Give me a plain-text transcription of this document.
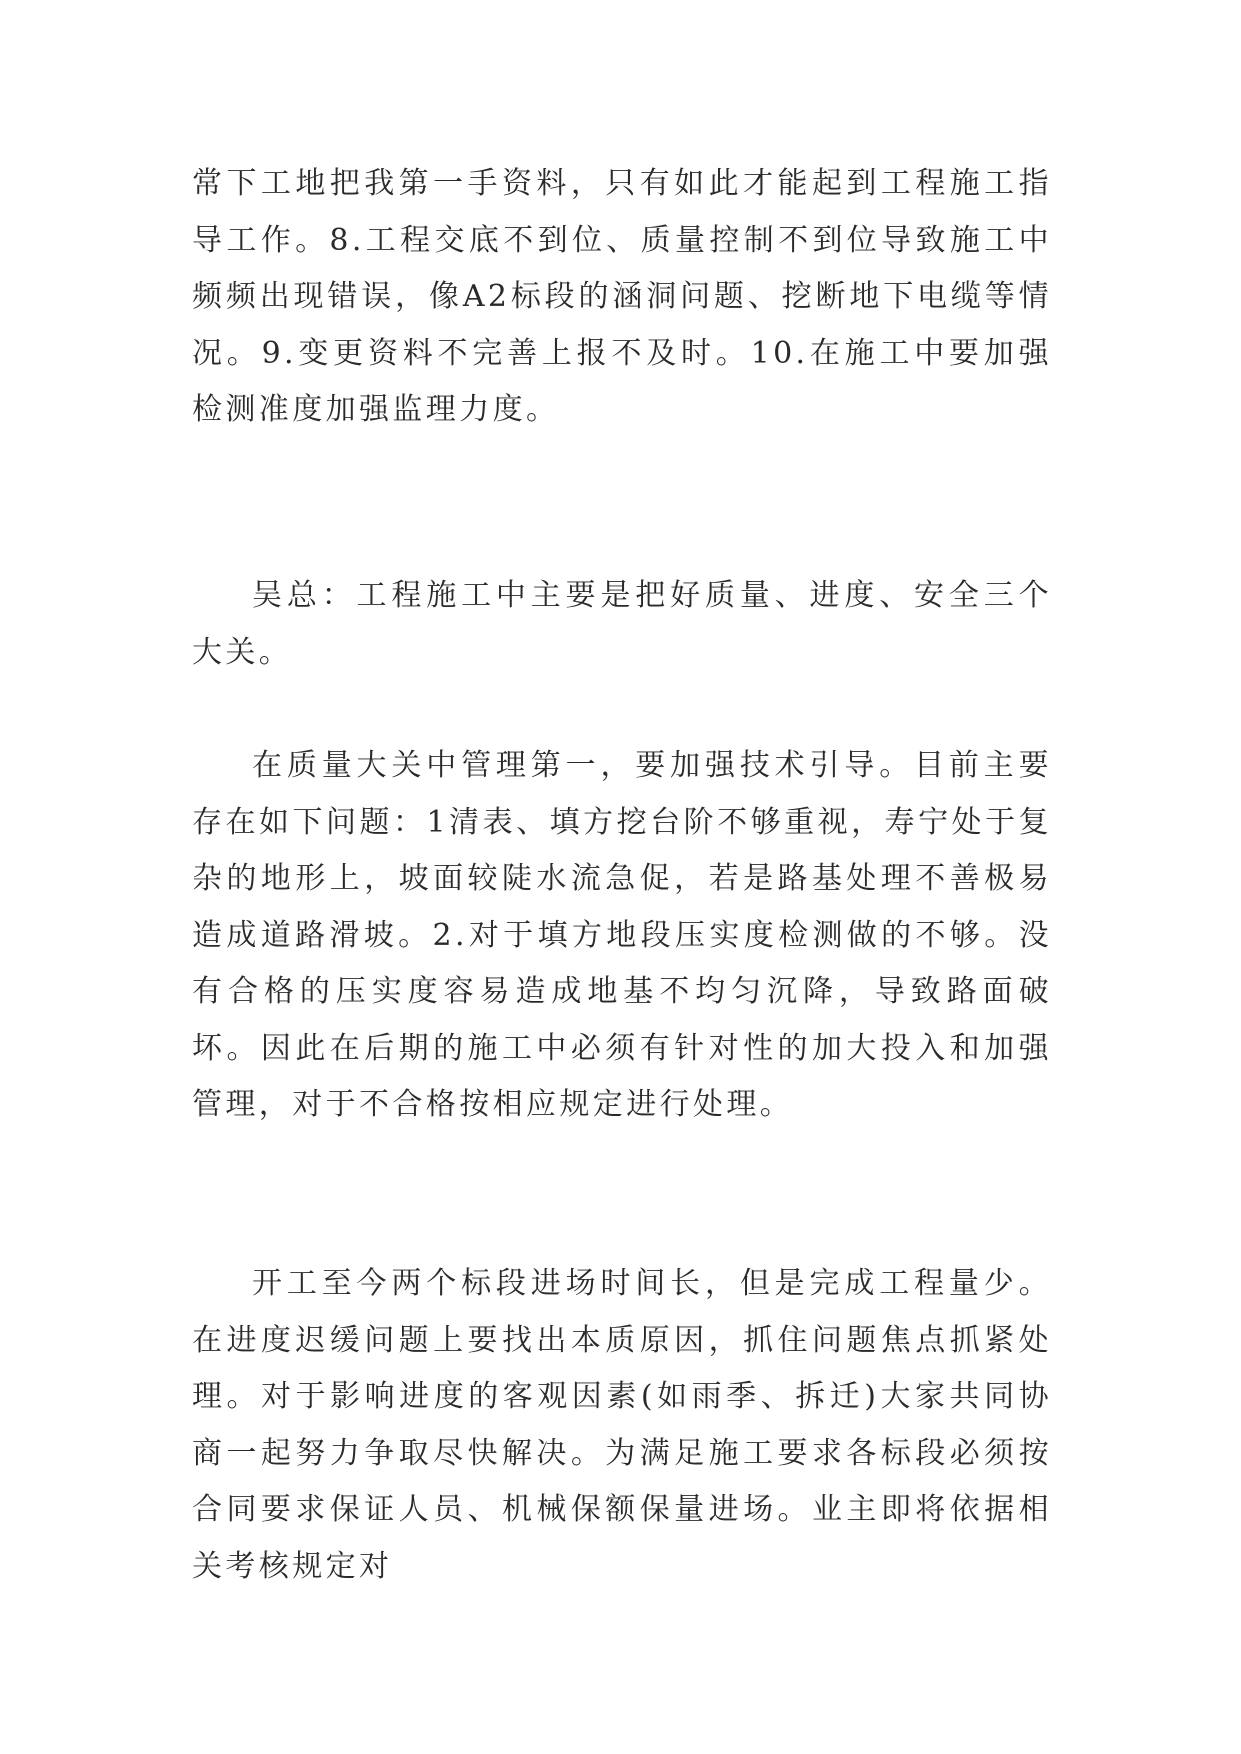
常下工地把我第一手资料，只有如此才能起到工程施工指导工作。8.工程交底不到位、质量控制不到位导致施工中频频出现错误，像A2标段的涵洞问题、挖断地下电缆等情况。9.变更资料不完善上报不及时。10.在施工中要加强检测准度加强监理力度。

吴总：工程施工中主要是把好质量、进度、安全三个大关。

在质量大关中管理第一，要加强技术引导。目前主要存在如下问题：1清表、填方挖台阶不够重视，寿宁处于复杂的地形上，坡面较陡水流急促，若是路基处理不善极易造成道路滑坡。2.对于填方地段压实度检测做的不够。没有合格的压实度容易造成地基不均匀沉降，导致路面破坏。因此在后期的施工中必须有针对性的加大投入和加强管理，对于不合格按相应规定进行处理。

开工至今两个标段进场时间长，但是完成工程量少。在进度迟缓问题上要找出本质原因，抓住问题焦点抓紧处理。对于影响进度的客观因素(如雨季、拆迁)大家共同协商一起努力争取尽快解决。为满足施工要求各标段必须按合同要求保证人员、机械保额保量进场。业主即将依据相关考核规定对
